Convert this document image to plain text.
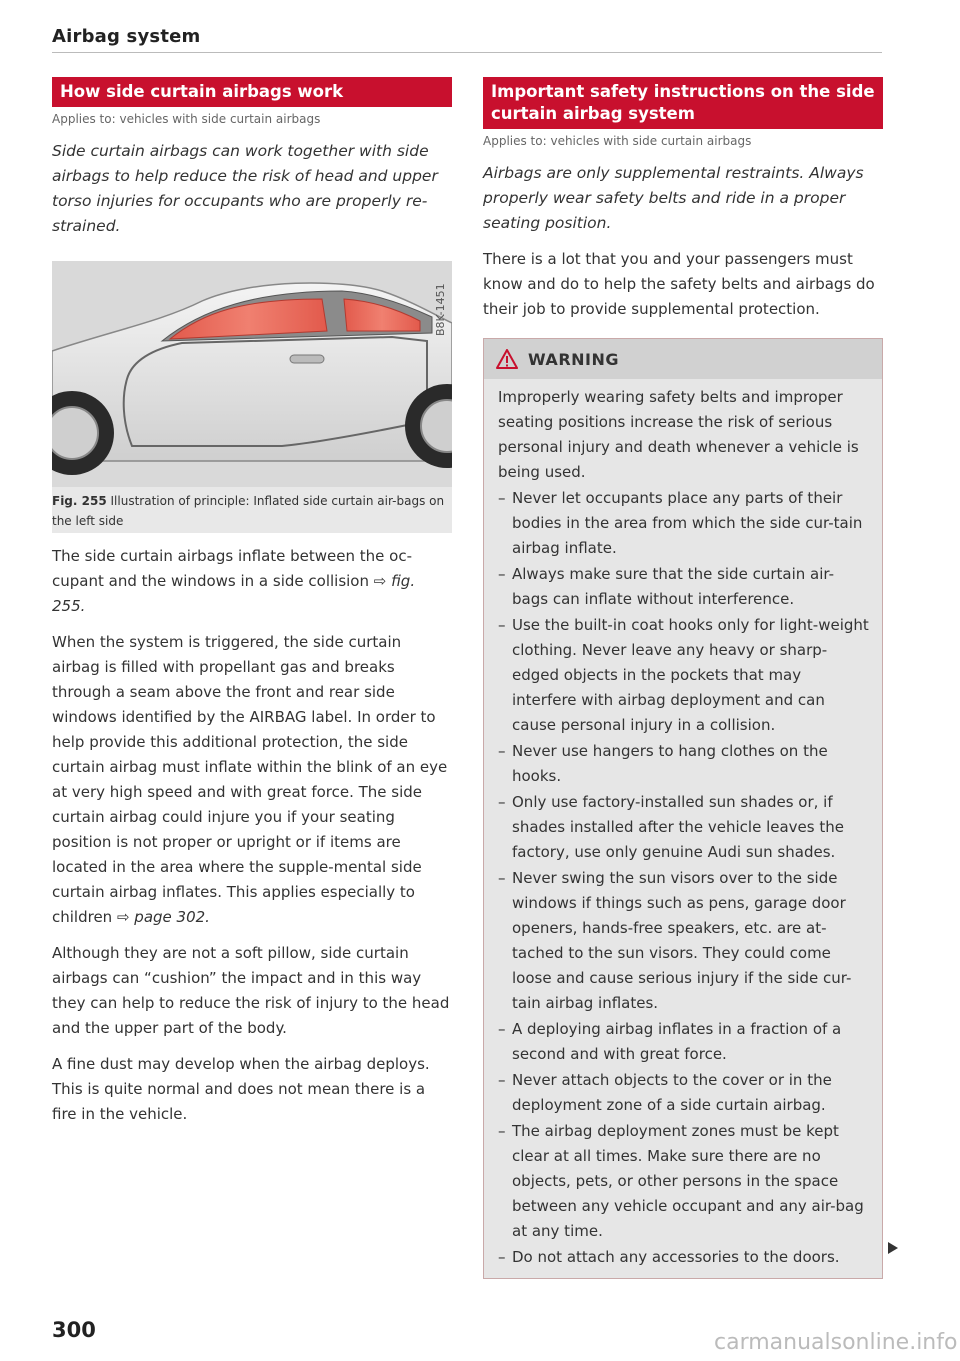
Airbag system
How side curtain airbags work
Applies to: vehicles with side curtain airbags
Side curtain airbags can work together with side airbags to help reduce the risk of head and upper torso injuries for occupants who are properly re-strained.
B8K-1451
Fig. 255 Illustration of principle: Inflated side curtain air-bags on the left side
The side curtain airbags inflate between the oc-cupant and the windows in a side collision ⇨ fig. 255.
When the system is triggered, the side curtain airbag is filled with propellant gas and breaks through a seam above the front and rear side windows identified by the AIRBAG label. In order to help provide this additional protection, the side curtain airbag must inflate within the blink of an eye at very high speed and with great force. The side curtain airbag could injure you if your seating position is not proper or upright or if items are located in the area where the supple-mental side curtain airbag inflates. This applies especially to children ⇨ page 302.
Although they are not a soft pillow, side curtain airbags can “cushion” the impact and in this way they can help to reduce the risk of injury to the head and the upper part of the body.
A fine dust may develop when the airbag deploys. This is quite normal and does not mean there is a fire in the vehicle.
Important safety instructions on the side curtain airbag system
Applies to: vehicles with side curtain airbags
Airbags are only supplemental restraints. Always properly wear safety belts and ride in a proper seating position.
There is a lot that you and your passengers must know and do to help the safety belts and airbags do their job to provide supplemental protection.
WARNING
Improperly wearing safety belts and improper seating positions increase the risk of serious personal injury and death whenever a vehicle is being used.
– Never let occupants place any parts of their bodies in the area from which the side cur-tain airbag inflate.
– Always make sure that the side curtain air-bags can inflate without interference.
– Use the built-in coat hooks only for light-weight clothing. Never leave any heavy or sharp-edged objects in the pockets that may interfere with airbag deployment and can cause personal injury in a collision.
– Never use hangers to hang clothes on the hooks.
– Only use factory-installed sun shades or, if shades installed after the vehicle leaves the factory, use only genuine Audi sun shades.
– Never swing the sun visors over to the side windows if things such as pens, garage door openers, hands-free speakers, etc. are at-tached to the sun visors. They could come loose and cause serious injury if the side cur-tain airbag inflates.
– A deploying airbag inflates in a fraction of a second and with great force.
– Never attach objects to the cover or in the deployment zone of a side curtain airbag.
– The airbag deployment zones must be kept clear at all times. Make sure there are no objects, pets, or other persons in the space between any vehicle occupant and any air-bag at any time.
– Do not attach any accessories to the doors.
300	carmanualsonline.info
